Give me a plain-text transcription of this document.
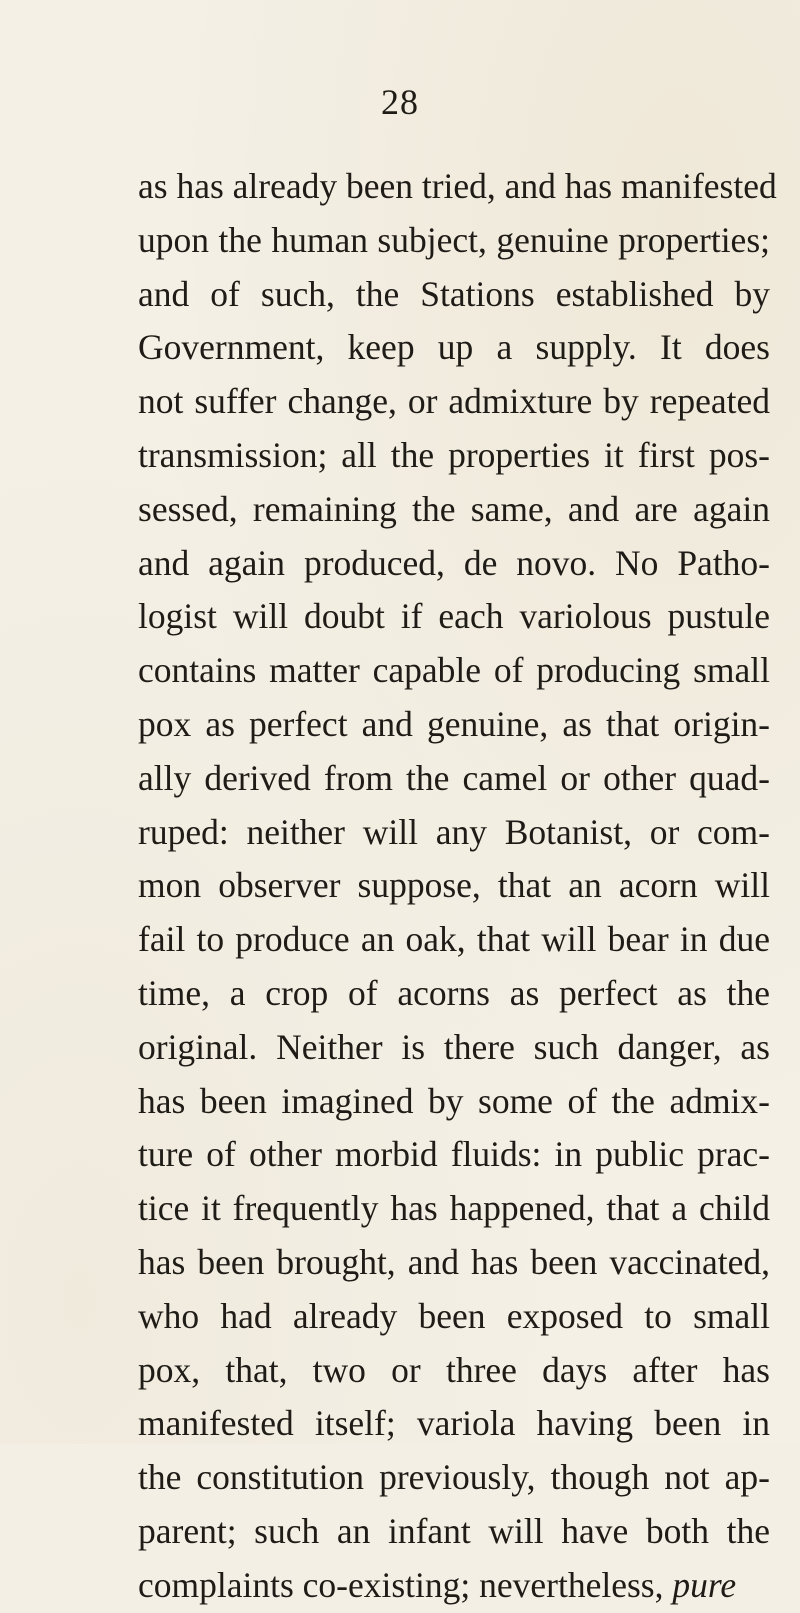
28
as has already been tried, and has manifested
upon the human subject, genuine properties;
and of such, the Stations established by
Government, keep up a supply. It does
not suffer change, or admixture by repeated
transmission; all the properties it first pos-
sessed, remaining the same, and are again
and again produced, de novo. No Patho-
logist will doubt if each variolous pustule
contains matter capable of producing small
pox as perfect and genuine, as that origin-
ally derived from the camel or other quad-
ruped: neither will any Botanist, or com-
mon observer suppose, that an acorn will
fail to produce an oak, that will bear in due
time, a crop of acorns as perfect as the
original. Neither is there such danger, as
has been imagined by some of the admix-
ture of other morbid fluids: in public prac-
tice it frequently has happened, that a child
has been brought, and has been vaccinated,
who had already been exposed to small
pox, that, two or three days after has
manifested itself; variola having been in
the constitution previously, though not ap-
parent; such an infant will have both the
complaints co-existing; nevertheless, pure
